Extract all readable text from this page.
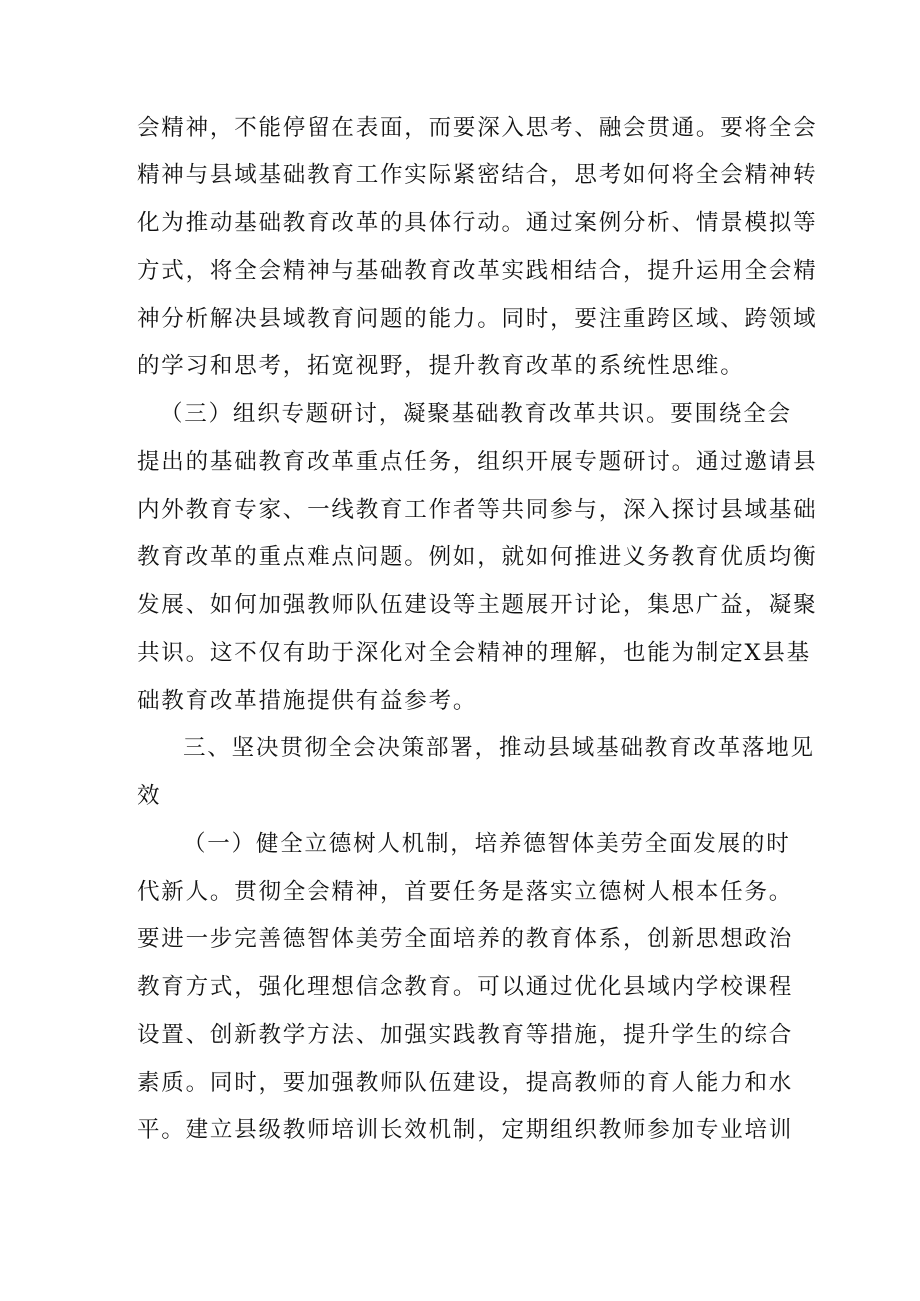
会精神，不能停留在表面，而要深入思考、融会贯通。要将全会
精神与县域基础教育工作实际紧密结合，思考如何将全会精神转
化为推动基础教育改革的具体行动。通过案例分析、情景模拟等
方式，将全会精神与基础教育改革实践相结合，提升运用全会精
神分析解决县域教育问题的能力。同时，要注重跨区域、跨领域
的学习和思考，拓宽视野，提升教育改革的系统性思维。
（三）组织专题研讨，凝聚基础教育改革共识。要围绕全会
提出的基础教育改革重点任务，组织开展专题研讨。通过邀请县
内外教育专家、一线教育工作者等共同参与，深入探讨县域基础
教育改革的重点难点问题。例如，就如何推进义务教育优质均衡
发展、如何加强教师队伍建设等主题展开讨论，集思广益，凝聚
共识。这不仅有助于深化对全会精神的理解，也能为制定X县基
础教育改革措施提供有益参考。
三、坚决贯彻全会决策部署，推动县域基础教育改革落地见
效
（一）健全立德树人机制，培养德智体美劳全面发展的时
代新人。贯彻全会精神，首要任务是落实立德树人根本任务。
要进一步完善德智体美劳全面培养的教育体系，创新思想政治
教育方式，强化理想信念教育。可以通过优化县域内学校课程
设置、创新教学方法、加强实践教育等措施，提升学生的综合
素质。同时，要加强教师队伍建设，提高教师的育人能力和水
平。建立县级教师培训长效机制，定期组织教师参加专业培训
